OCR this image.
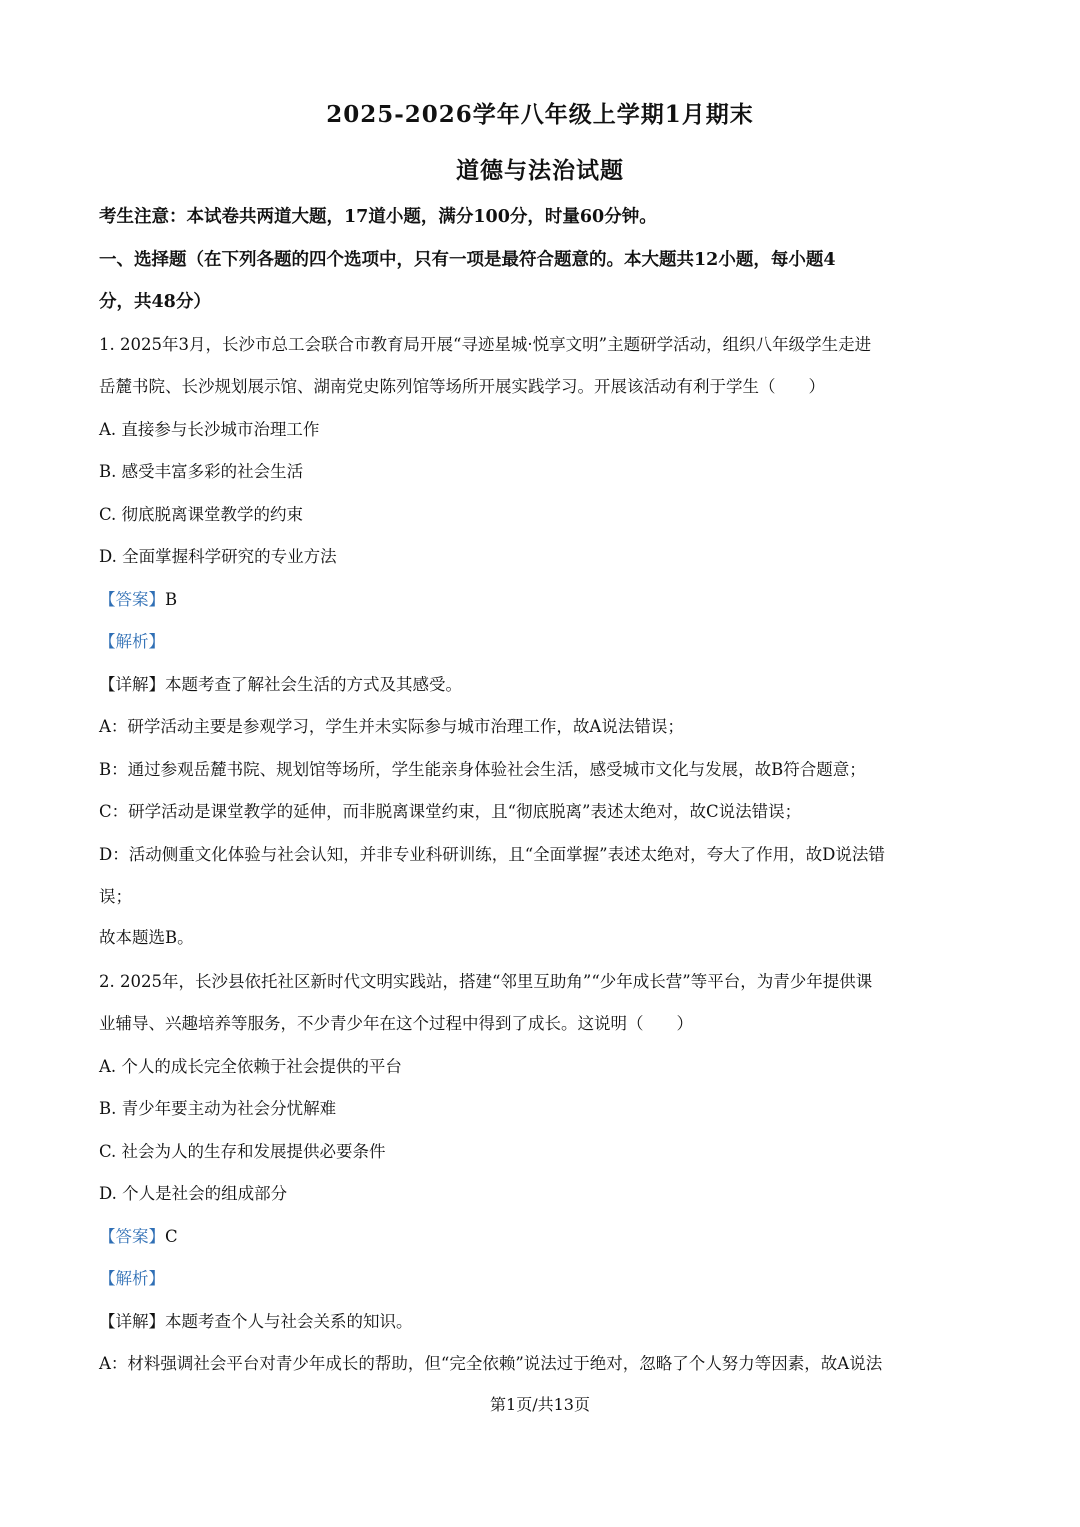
2025-2026学年八年级上学期1月期末
道德与法治试题
考生注意：本试卷共两道大题，17道小题，满分100分，时量60分钟。
一、选择题（在下列各题的四个选项中，只有一项是最符合题意的。本大题共12小题，每小题4
分，共48分）
1. 2025年3月，长沙市总工会联合市教育局开展“寻迹星城·悦享文明”主题研学活动，组织八年级学生走进
岳麓书院、长沙规划展示馆、湖南党史陈列馆等场所开展实践学习。开展该活动有利于学生（　　）
A. 直接参与长沙城市治理工作
B. 感受丰富多彩的社会生活
C. 彻底脱离课堂教学的约束
D. 全面掌握科学研究的专业方法
【答案】B
【解析】
【详解】本题考查了解社会生活的方式及其感受。
A：研学活动主要是参观学习，学生并未实际参与城市治理工作，故A说法错误；
B：通过参观岳麓书院、规划馆等场所，学生能亲身体验社会生活，感受城市文化与发展，故B符合题意；
C：研学活动是课堂教学的延伸，而非脱离课堂约束，且“彻底脱离”表述太绝对，故C说法错误；
D：活动侧重文化体验与社会认知，并非专业科研训练，且“全面掌握”表述太绝对，夸大了作用，故D说法错
误；
故本题选B。
2. 2025年，长沙县依托社区新时代文明实践站，搭建“邻里互助角”“少年成长营”等平台，为青少年提供课
业辅导、兴趣培养等服务，不少青少年在这个过程中得到了成长。这说明（　　）
A. 个人的成长完全依赖于社会提供的平台
B. 青少年要主动为社会分忧解难
C. 社会为人的生存和发展提供必要条件
D. 个人是社会的组成部分
【答案】C
【解析】
【详解】本题考查个人与社会关系的知识。
A：材料强调社会平台对青少年成长的帮助，但“完全依赖”说法过于绝对，忽略了个人努力等因素，故A说法
第1页/共13页
